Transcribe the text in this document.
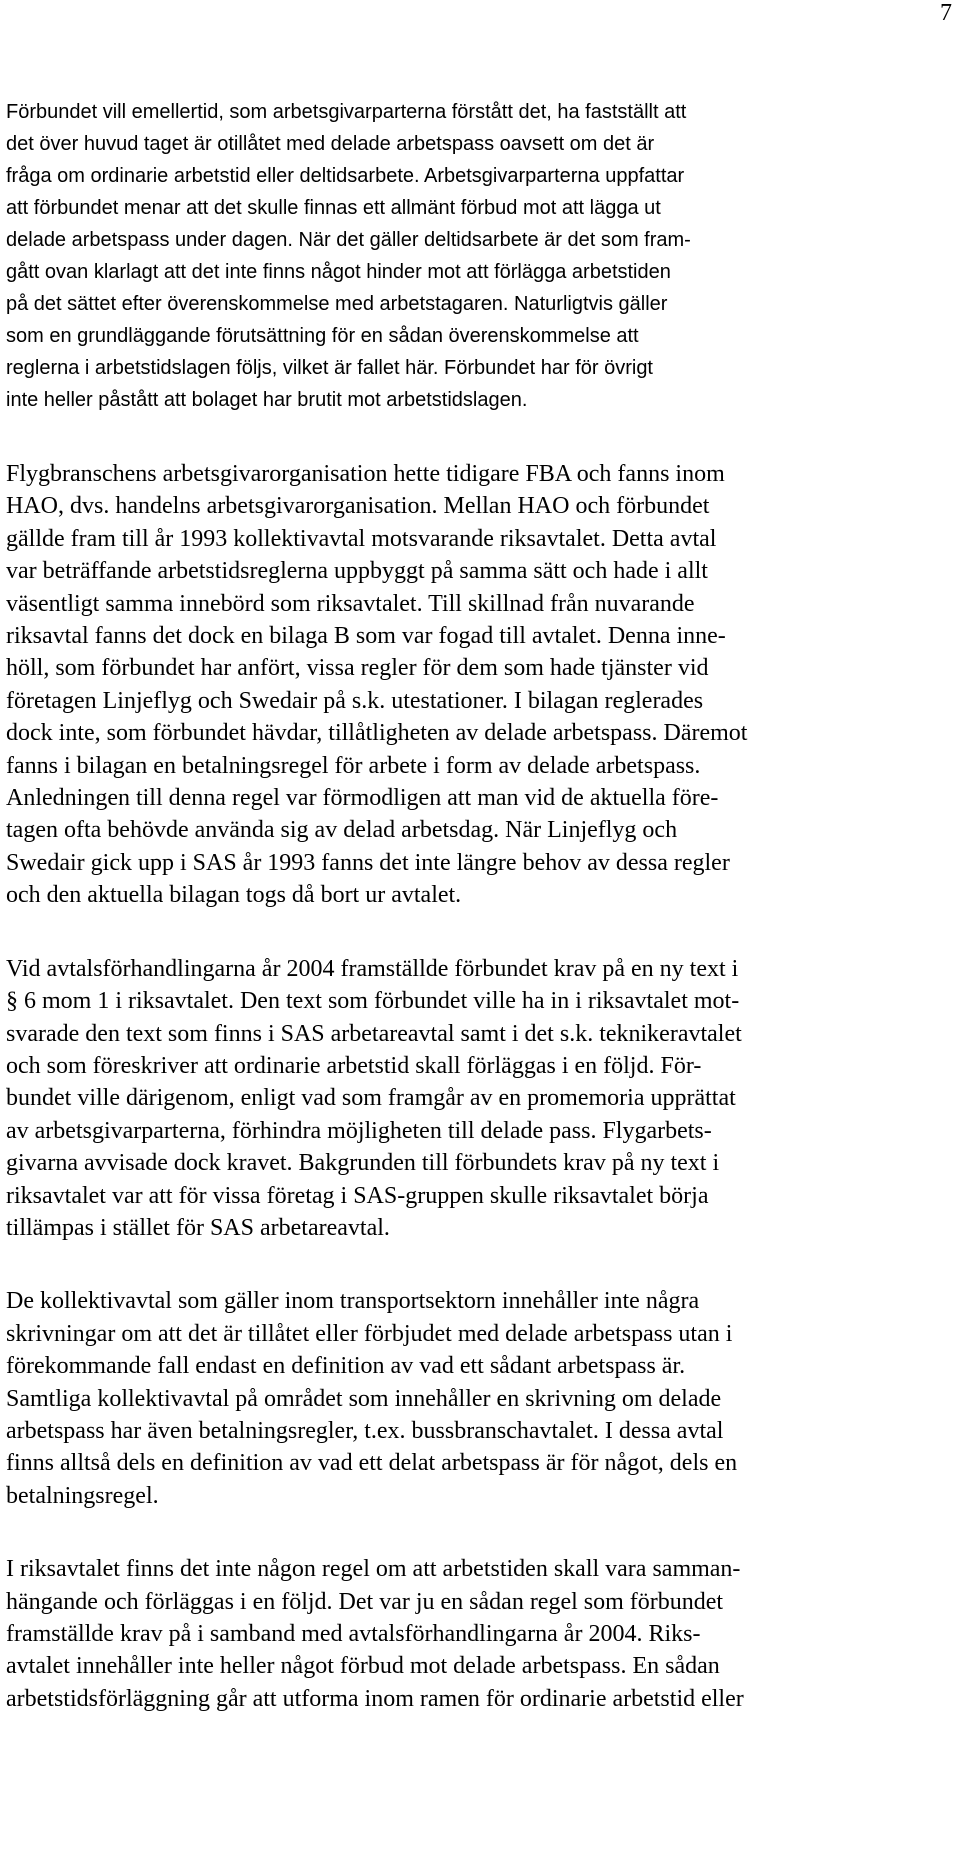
7

Förbundet vill emellertid, som arbetsgivarparterna förstått det, ha fastställt att
det över huvud taget är otillåtet med delade arbetspass oavsett om det är
fråga om ordinarie arbetstid eller deltidsarbete. Arbetsgivarparterna uppfattar
att förbundet menar att det skulle finnas ett allmänt förbud mot att lägga ut
delade arbetspass under dagen. När det gäller deltidsarbete är det som fram-
gått ovan klarlagt att det inte finns något hinder mot att förlägga arbetstiden
på det sättet efter överenskommelse med arbetstagaren. Naturligtvis gäller
som en grundläggande förutsättning för en sådan överenskommelse att
reglerna i arbetstidslagen följs, vilket är fallet här. Förbundet har för övrigt
inte heller påstått att bolaget har brutit mot arbetstidslagen.

Flygbranschens arbetsgivarorganisation hette tidigare FBA och fanns inom
HAO, dvs. handelns arbetsgivarorganisation. Mellan HAO och förbundet
gällde fram till år 1993 kollektivavtal motsvarande riksavtalet. Detta avtal
var beträffande arbetstidsreglerna uppbyggt på samma sätt och hade i allt
väsentligt samma innebörd som riksavtalet. Till skillnad från nuvarande
riksavtal fanns det dock en bilaga B som var fogad till avtalet. Denna inne-
höll, som förbundet har anfört, vissa regler för dem som hade tjänster vid
företagen Linjeflyg och Swedair på s.k. utestationer. I bilagan reglerades
dock inte, som förbundet hävdar, tillåtligheten av delade arbetspass. Däremot
fanns i bilagan en betalningsregel för arbete i form av delade arbetspass.
Anledningen till denna regel var förmodligen att man vid de aktuella före-
tagen ofta behövde använda sig av delad arbetsdag. När Linjeflyg och
Swedair gick upp i SAS år 1993 fanns det inte längre behov av dessa regler
och den aktuella bilagan togs då bort ur avtalet.

Vid avtalsförhandlingarna år 2004 framställde förbundet krav på en ny text i
§ 6 mom 1 i riksavtalet. Den text som förbundet ville ha in i riksavtalet mot-
svarade den text som finns i SAS arbetareavtal samt i det s.k. teknikeravtalet
och som föreskriver att ordinarie arbetstid skall förläggas i en följd. För-
bundet ville därigenom, enligt vad som framgår av en promemoria upprättat
av arbetsgivarparterna, förhindra möjligheten till delade pass. Flygarbets-
givarna avvisade dock kravet. Bakgrunden till förbundets krav på ny text i
riksavtalet var att för vissa företag i SAS-gruppen skulle riksavtalet börja
tillämpas i stället för SAS arbetareavtal.

De kollektivavtal som gäller inom transportsektorn innehåller inte några
skrivningar om att det är tillåtet eller förbjudet med delade arbetspass utan i
förekommande fall endast en definition av vad ett sådant arbetspass är.
Samtliga kollektivavtal på området som innehåller en skrivning om delade
arbetspass har även betalningsregler, t.ex. bussbranschavtalet. I dessa avtal
finns alltså dels en definition av vad ett delat arbetspass är för något, dels en
betalningsregel.

I riksavtalet finns det inte någon regel om att arbetstiden skall vara samman-
hängande och förläggas i en följd. Det var ju en sådan regel som förbundet
framställde krav på i samband med avtalsförhandlingarna år 2004. Riks-
avtalet innehåller inte heller något förbud mot delade arbetspass. En sådan
arbetstidsförläggning går att utforma inom ramen för ordinarie arbetstid eller
